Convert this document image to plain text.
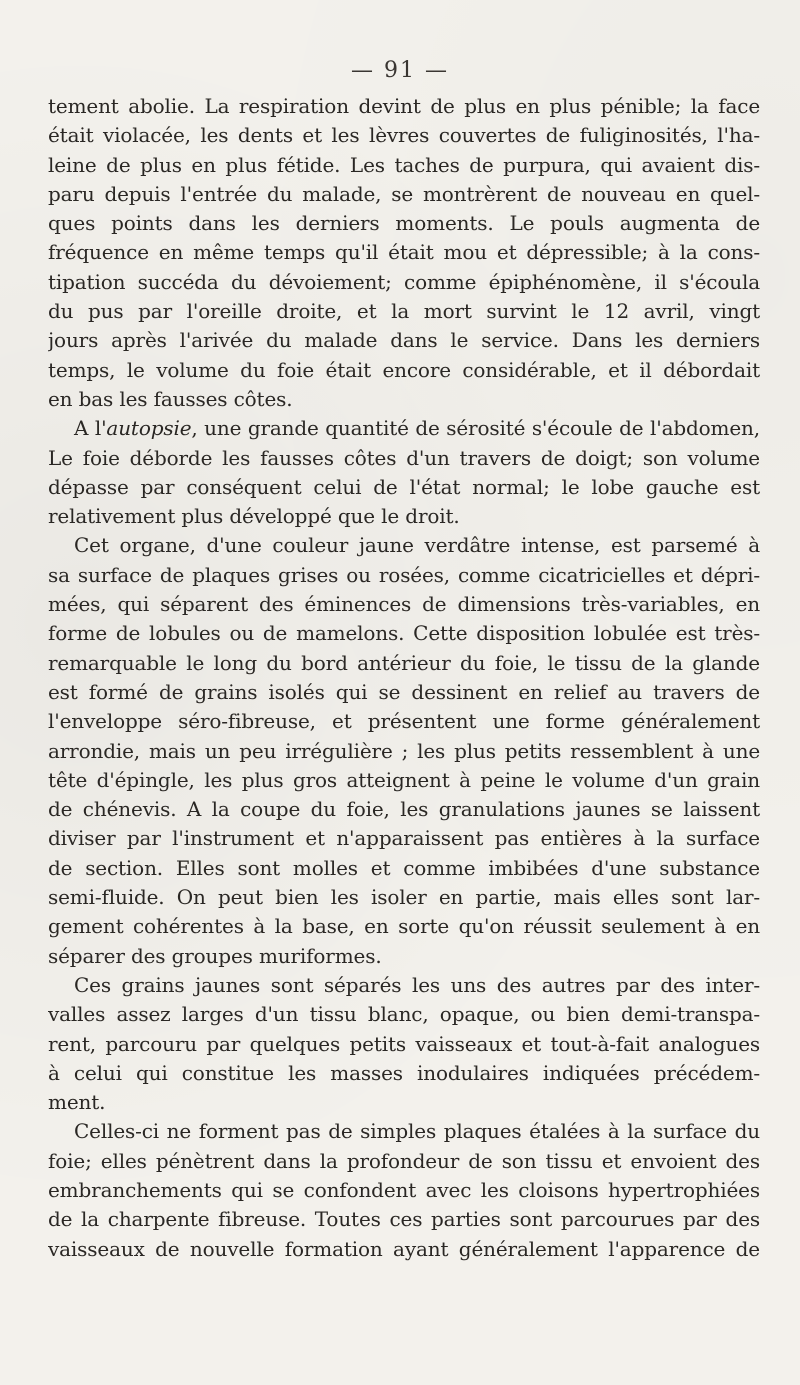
— 91 —
tement abolie. La respiration devint de plus en plus pénible; la face
était violacée, les dents et les lèvres couvertes de fuliginosités, l'ha-
leine de plus en plus fétide. Les taches de purpura, qui avaient dis-
paru depuis l'entrée du malade, se montrèrent de nouveau en quel-
ques points dans les derniers moments. Le pouls augmenta de
fréquence en même temps qu'il était mou et dépressible; à la cons-
tipation succéda du dévoiement; comme épiphénomène, il s'écoula
du pus par l'oreille droite, et la mort survint le 12 avril, vingt
jours après l'arivée du malade dans le service. Dans les derniers
temps, le volume du foie était encore considérable, et il débordait
en bas les fausses côtes.
A l'autopsie, une grande quantité de sérosité s'écoule de l'abdomen,
Le foie déborde les fausses côtes d'un travers de doigt; son volume
dépasse par conséquent celui de l'état normal; le lobe gauche est
relativement plus développé que le droit.
Cet organe, d'une couleur jaune verdâtre intense, est parsemé à
sa surface de plaques grises ou rosées, comme cicatricielles et dépri-
mées, qui séparent des éminences de dimensions très-variables, en
forme de lobules ou de mamelons. Cette disposition lobulée est très-
remarquable le long du bord antérieur du foie, le tissu de la glande
est formé de grains isolés qui se dessinent en relief au travers de
l'enveloppe séro-fibreuse, et présentent une forme généralement
arrondie, mais un peu irrégulière ; les plus petits ressemblent à une
tête d'épingle, les plus gros atteignent à peine le volume d'un grain
de chénevis. A la coupe du foie, les granulations jaunes se laissent
diviser par l'instrument et n'apparaissent pas entières à la surface
de section. Elles sont molles et comme imbibées d'une substance
semi-fluide. On peut bien les isoler en partie, mais elles sont lar-
gement cohérentes à la base, en sorte qu'on réussit seulement à en
séparer des groupes muriformes.
Ces grains jaunes sont séparés les uns des autres par des inter-
valles assez larges d'un tissu blanc, opaque, ou bien demi-transpa-
rent, parcouru par quelques petits vaisseaux et tout-à-fait analogues
à celui qui constitue les masses inodulaires indiquées précédem-
ment.
Celles-ci ne forment pas de simples plaques étalées à la surface du
foie; elles pénètrent dans la profondeur de son tissu et envoient des
embranchements qui se confondent avec les cloisons hypertrophiées
de la charpente fibreuse. Toutes ces parties sont parcourues par des
vaisseaux de nouvelle formation ayant généralement l'apparence de
